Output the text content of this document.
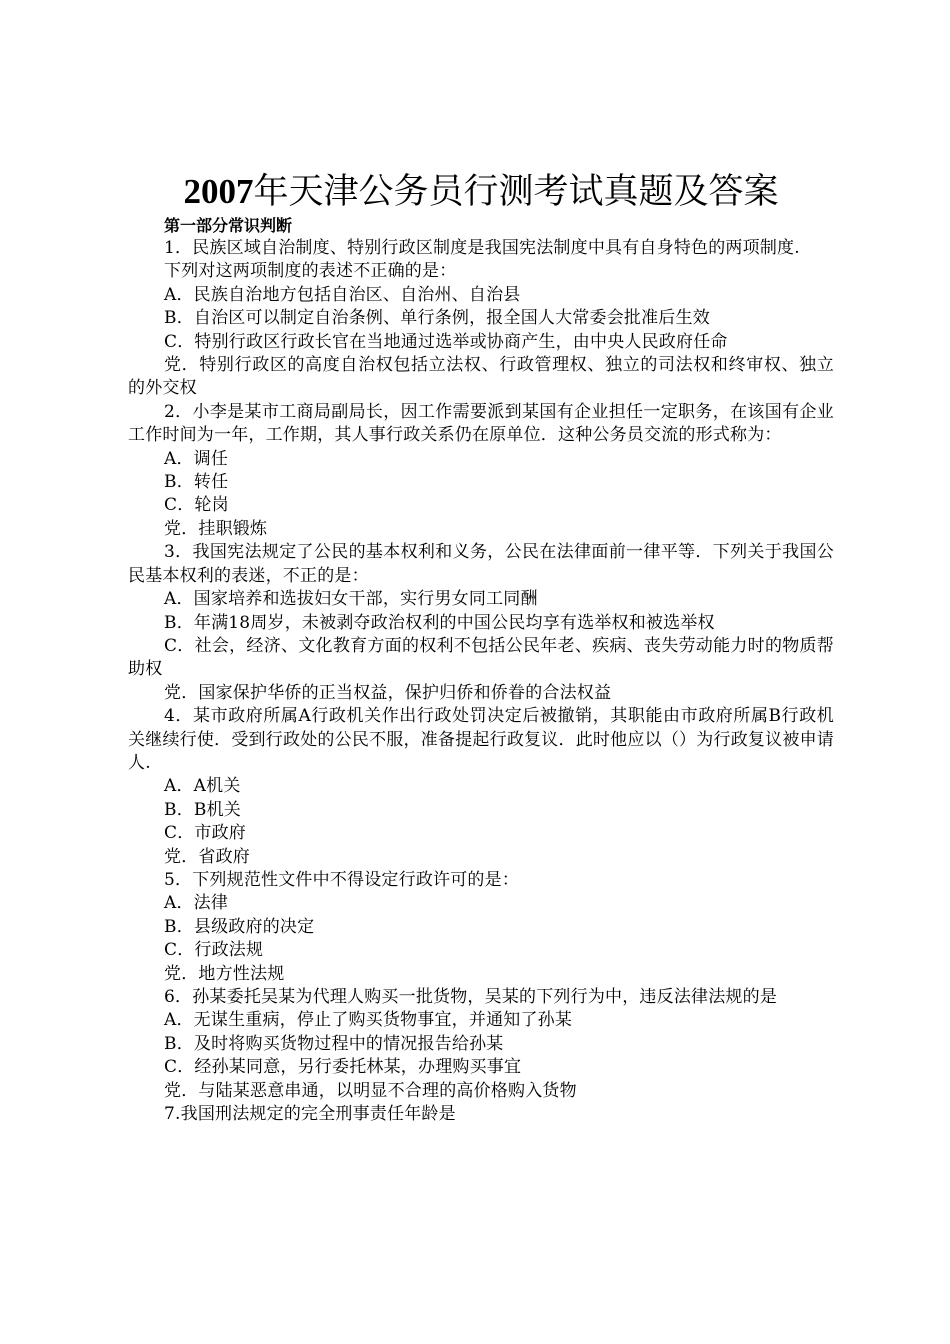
2007年天津公务员行测考试真题及答案

第一部分常识判断

1．民族区域自治制度、特别行政区制度是我国宪法制度中具有自身特色的两项制度.

下列对这两项制度的表述不正确的是：

A．民族自治地方包括自治区、自治州、自治县

B．自治区可以制定自治条例、单行条例，报全国人大常委会批准后生效

C．特别行政区行政长官在当地通过选举或协商产生，由中央人民政府任命

党．特别行政区的高度自治权包括立法权、行政管理权、独立的司法权和终审权、独立的外交权

2．小李是某市工商局副局长，因工作需要派到某国有企业担任一定职务，在该国有企业工作时间为一年，工作期，其人事行政关系仍在原单位．这种公务员交流的形式称为：

A．调任

B．转任

C．轮岗

党．挂职锻炼

3．我国宪法规定了公民的基本权利和义务，公民在法律面前一律平等．下列关于我国公民基本权利的表迷，不正的是：

A．国家培养和选拔妇女干部，实行男女同工同酬

B．年满18周岁，未被剥夺政治权利的中国公民均享有选举权和被选举权

C．社会，经济、文化教育方面的权利不包括公民年老、疾病、丧失劳动能力时的物质帮助权

党．国家保护华侨的正当权益，保护归侨和侨眷的合法权益

4．某市政府所属A行政机关作出行政处罚决定后被撤销，其职能由市政府所属B行政机关继续行使．受到行政处的公民不服，准备提起行政复议．此时他应以（）为行政复议被申请人.

A．A机关

B．B机关

C．市政府

党．省政府

5．下列规范性文件中不得设定行政许可的是：

A．法律

B．县级政府的决定

C．行政法规

党．地方性法规

6．孙某委托吴某为代理人购买一批货物，吴某的下列行为中，违反法律法规的是

A．无谋生重病，停止了购买货物事宜，并通知了孙某

B．及时将购买货物过程中的情况报告给孙某

C．经孙某同意，另行委托林某，办理购买事宜

党．与陆某恶意串通，以明显不合理的高价格购入货物

7.我国刑法规定的完全刑事责任年龄是
